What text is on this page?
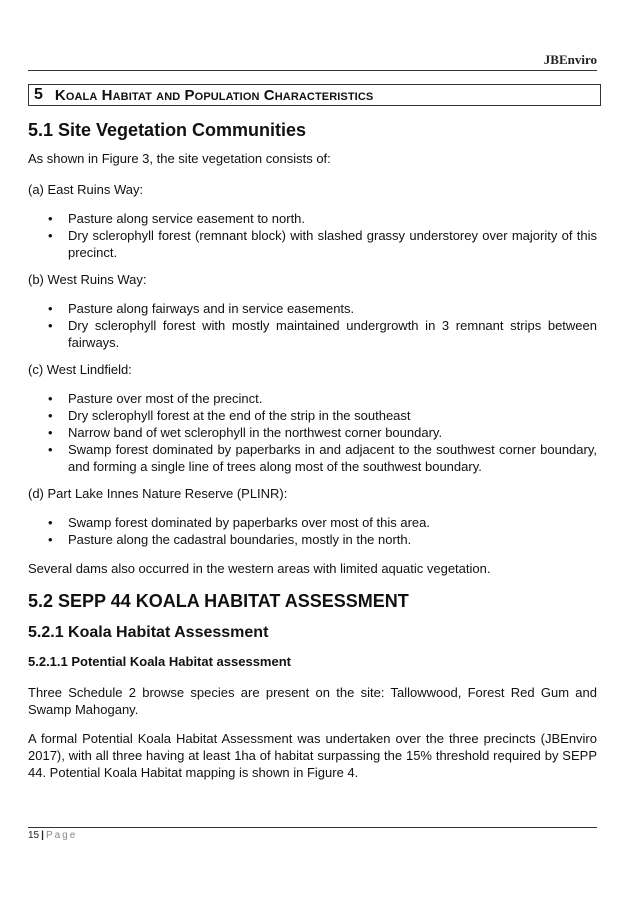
JBEnviro
5 Koala Habitat and Population Characteristics
5.1 Site Vegetation Communities

As shown in Figure 3, the site vegetation consists of:

(a) East Ruins Way:

• Pasture along service easement to north.
• Dry sclerophyll forest (remnant block) with slashed grassy understorey over majority of this precinct.

(b) West Ruins Way:

• Pasture along fairways and in service easements.
• Dry sclerophyll forest with mostly maintained undergrowth in 3 remnant strips between fairways.

(c) West Lindfield:

• Pasture over most of the precinct.
• Dry sclerophyll forest at the end of the strip in the southeast
• Narrow band of wet sclerophyll in the northwest corner boundary.
• Swamp forest dominated by paperbarks in and adjacent to the southwest corner boundary, and forming a single line of trees along most of the southwest boundary.

(d) Part Lake Innes Nature Reserve (PLINR):

• Swamp forest dominated by paperbarks over most of this area.
• Pasture along the cadastral boundaries, mostly in the north.

Several dams also occurred in the western areas with limited aquatic vegetation.

5.2 SEPP 44 KOALA HABITAT ASSESSMENT
5.2.1 Koala Habitat Assessment
5.2.1.1 Potential Koala Habitat assessment

Three Schedule 2 browse species are present on the site: Tallowwood, Forest Red Gum and Swamp Mahogany.

A formal Potential Koala Habitat Assessment was undertaken over the three precincts (JBEnviro 2017), with all three having at least 1ha of habitat surpassing the 15% threshold required by SEPP 44. Potential Koala Habitat mapping is shown in Figure 4.

15 | Page
